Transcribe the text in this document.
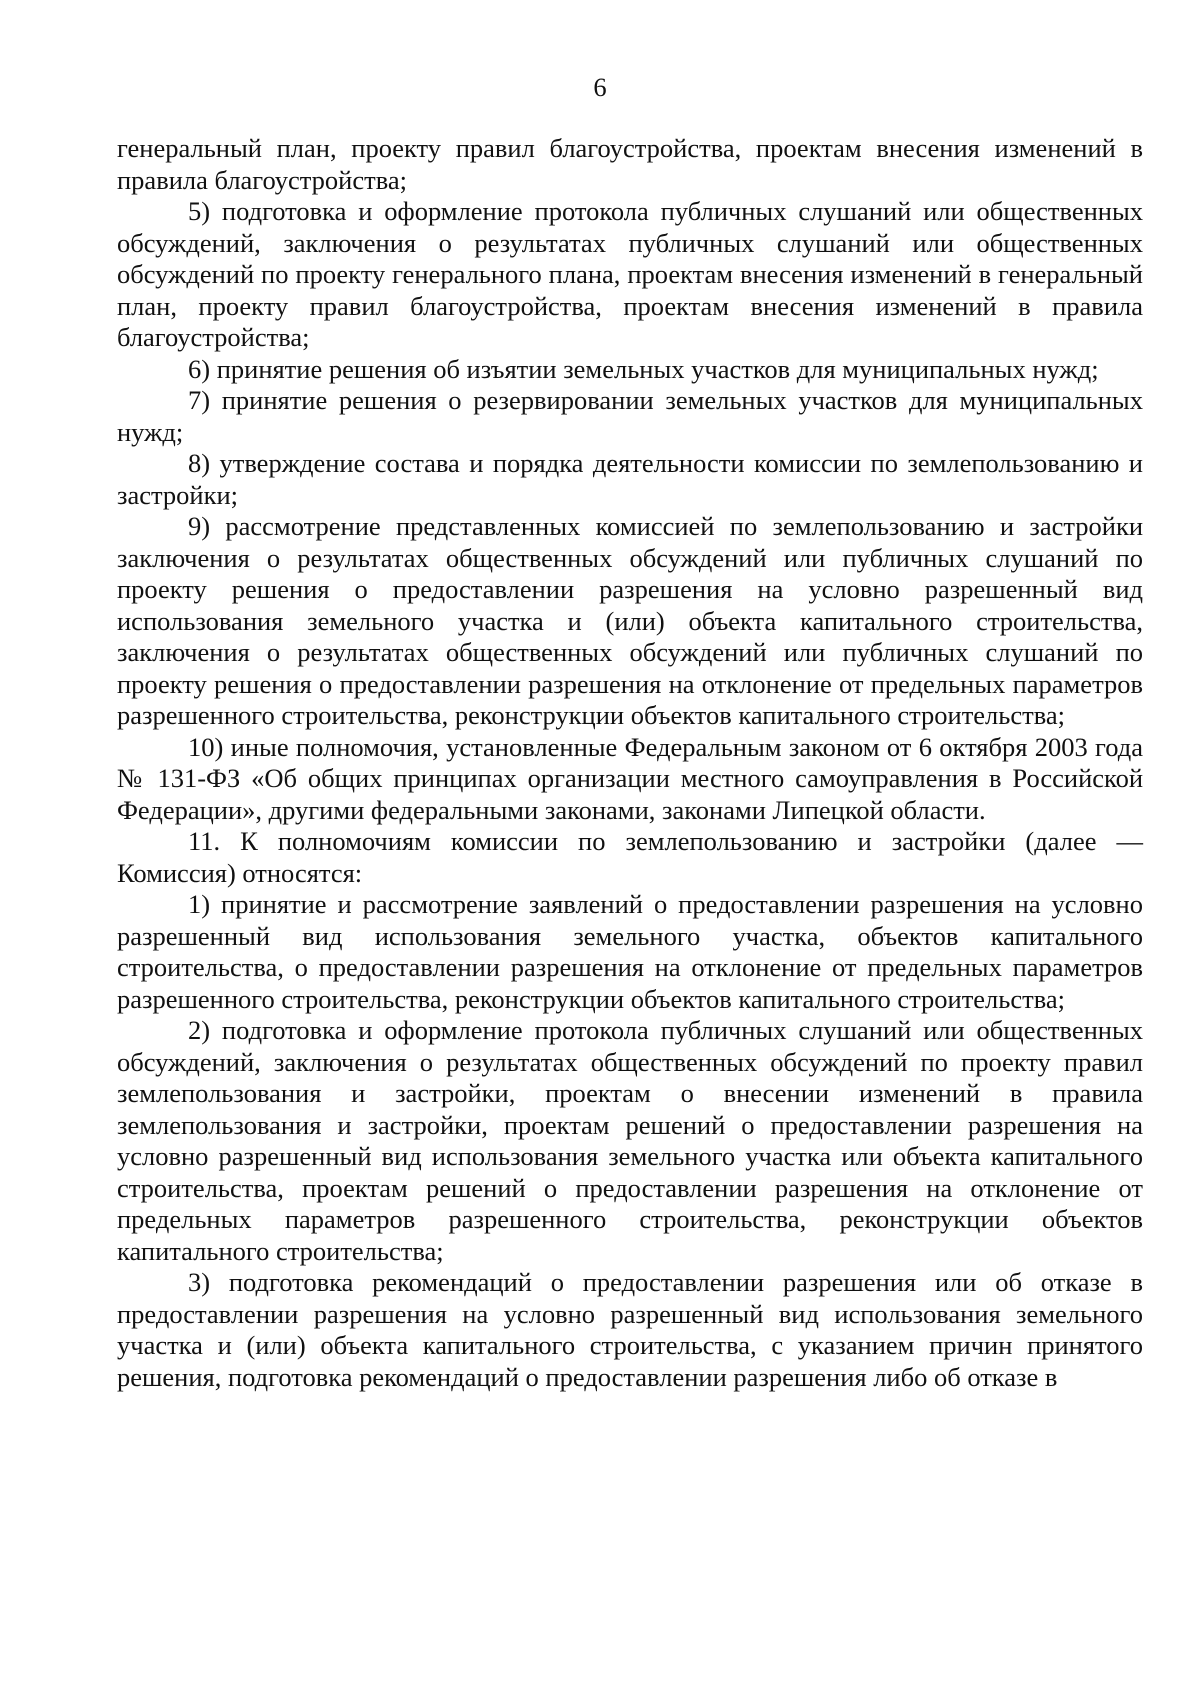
6

генеральный план, проекту правил благоустройства, проектам внесения изменений в правила благоустройства;

5) подготовка и оформление протокола публичных слушаний или общественных обсуждений, заключения о результатах публичных слушаний или общественных обсуждений по проекту генерального плана, проектам внесения изменений в генеральный план, проекту правил благоустройства, проектам внесения изменений в правила благоустройства;

6) принятие решения об изъятии земельных участков для муниципальных нужд;

7) принятие решения о резервировании земельных участков для муниципальных нужд;

8) утверждение состава и порядка деятельности комиссии по землепользованию и застройки;

9) рассмотрение представленных комиссией по землепользованию и застройки заключения о результатах общественных обсуждений или публичных слушаний по проекту решения о предоставлении разрешения на условно разрешенный вид использования земельного участка и (или) объекта капитального строительства, заключения о результатах общественных обсуждений или публичных слушаний по проекту решения о предоставлении разрешения на отклонение от предельных параметров разрешенного строительства, реконструкции объектов капитального строительства;

10) иные полномочия, установленные Федеральным законом от 6 октября 2003 года № 131-ФЗ «Об общих принципах организации местного самоуправления в Российской Федерации», другими федеральными законами, законами Липецкой области.

11. К полномочиям комиссии по землепользованию и застройки (далее — Комиссия) относятся:

1) принятие и рассмотрение заявлений о предоставлении разрешения на условно разрешенный вид использования земельного участка, объектов капитального строительства, о предоставлении разрешения на отклонение от предельных параметров разрешенного строительства, реконструкции объектов капитального строительства;

2) подготовка и оформление протокола публичных слушаний или общественных обсуждений, заключения о результатах общественных обсуждений по проекту правил землепользования и застройки, проектам о внесении изменений в правила землепользования и застройки, проектам решений о предоставлении разрешения на условно разрешенный вид использования земельного участка или объекта капитального строительства, проектам решений о предоставлении разрешения на отклонение от предельных параметров разрешенного строительства, реконструкции объектов капитального строительства;

3) подготовка рекомендаций о предоставлении разрешения или об отказе в предоставлении разрешения на условно разрешенный вид использования земельного участка и (или) объекта капитального строительства, с указанием причин принятого решения, подготовка рекомендаций о предоставлении разрешения либо об отказе в
